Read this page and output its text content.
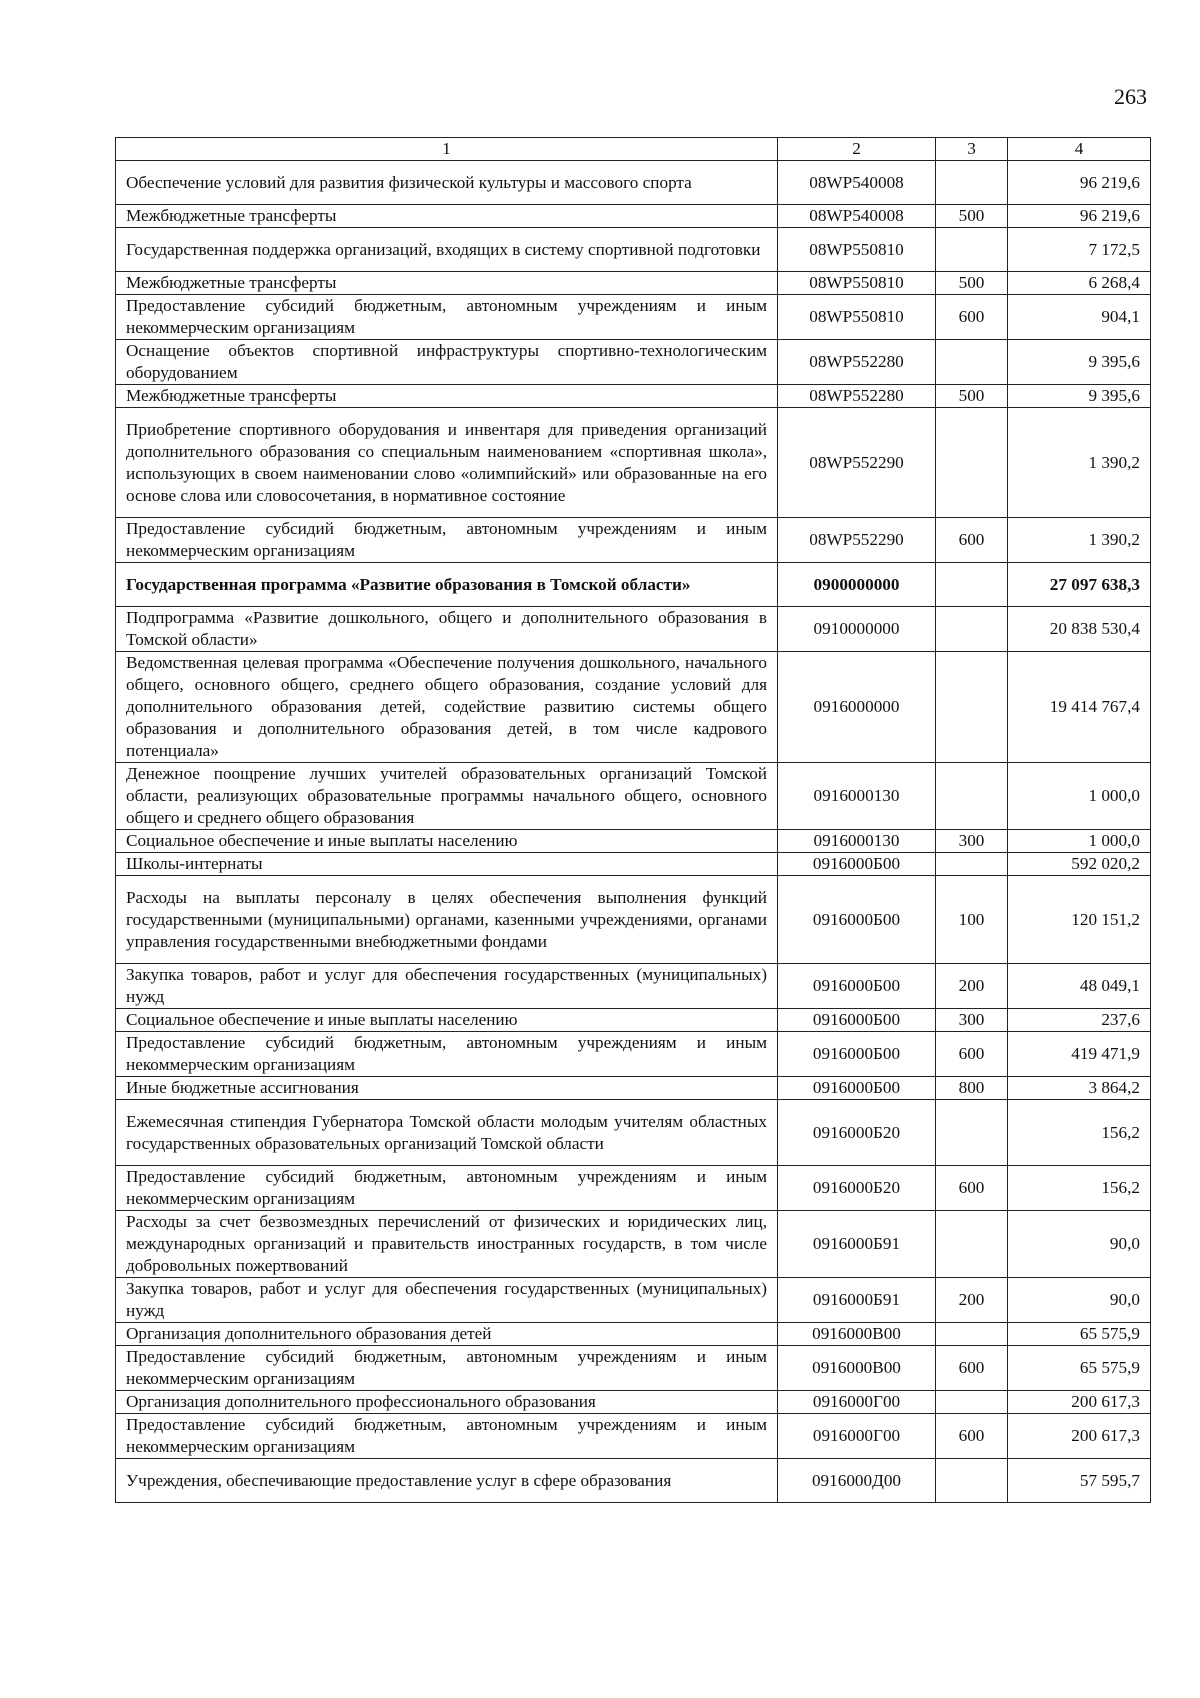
263
1	2	3	4
Обеспечение условий для развития физической культуры и массового спорта	08WP540008		96 219,6
Межбюджетные трансферты	08WP540008	500	96 219,6
Государственная поддержка организаций, входящих в систему спортивной подготовки	08WP550810		7 172,5
Межбюджетные трансферты	08WP550810	500	6 268,4
Предоставление субсидий бюджетным, автономным учреждениям и иным некоммерческим организациям	08WP550810	600	904,1
Оснащение объектов спортивной инфраструктуры спортивно-технологическим оборудованием	08WP552280		9 395,6
Межбюджетные трансферты	08WP552280	500	9 395,6
Приобретение спортивного оборудования и инвентаря для приведения организаций дополнительного образования со специальным наименованием «спортивная школа», использующих в своем наименовании слово «олимпийский» или образованные на его основе слова или словосочетания, в нормативное состояние	08WP552290		1 390,2
Предоставление субсидий бюджетным, автономным учреждениям и иным некоммерческим организациям	08WP552290	600	1 390,2
Государственная программа «Развитие образования в Томской области»	0900000000		27 097 638,3
Подпрограмма «Развитие дошкольного, общего и дополнительного образования в Томской области»	0910000000		20 838 530,4
Ведомственная целевая программа «Обеспечение получения дошкольного, начального общего, основного общего, среднего общего образования, создание условий для дополнительного образования детей, содействие развитию системы общего образования и дополнительного образования детей, в том числе кадрового потенциала»	0916000000		19 414 767,4
Денежное поощрение лучших учителей образовательных организаций Томской области, реализующих образовательные программы начального общего, основного общего и среднего общего образования	0916000130		1 000,0
Социальное обеспечение и иные выплаты населению	0916000130	300	1 000,0
Школы-интернаты	0916000Б00		592 020,2
Расходы на выплаты персоналу в целях обеспечения выполнения функций государственными (муниципальными) органами, казенными учреждениями, органами управления государственными внебюджетными фондами	0916000Б00	100	120 151,2
Закупка товаров, работ и услуг для обеспечения государственных (муниципальных) нужд	0916000Б00	200	48 049,1
Социальное обеспечение и иные выплаты населению	0916000Б00	300	237,6
Предоставление субсидий бюджетным, автономным учреждениям и иным некоммерческим организациям	0916000Б00	600	419 471,9
Иные бюджетные ассигнования	0916000Б00	800	3 864,2
Ежемесячная стипендия Губернатора Томской области молодым учителям областных государственных образовательных организаций Томской области	0916000Б20		156,2
Предоставление субсидий бюджетным, автономным учреждениям и иным некоммерческим организациям	0916000Б20	600	156,2
Расходы за счет безвозмездных перечислений от физических и юридических лиц, международных организаций и правительств иностранных государств, в том числе добровольных пожертвований	0916000Б91		90,0
Закупка товаров, работ и услуг для обеспечения государственных (муниципальных) нужд	0916000Б91	200	90,0
Организация дополнительного образования детей	0916000В00		65 575,9
Предоставление субсидий бюджетным, автономным учреждениям и иным некоммерческим организациям	0916000В00	600	65 575,9
Организация дополнительного профессионального образования	0916000Г00		200 617,3
Предоставление субсидий бюджетным, автономным учреждениям и иным некоммерческим организациям	0916000Г00	600	200 617,3
Учреждения, обеспечивающие предоставление услуг в сфере образования	0916000Д00		57 595,7
